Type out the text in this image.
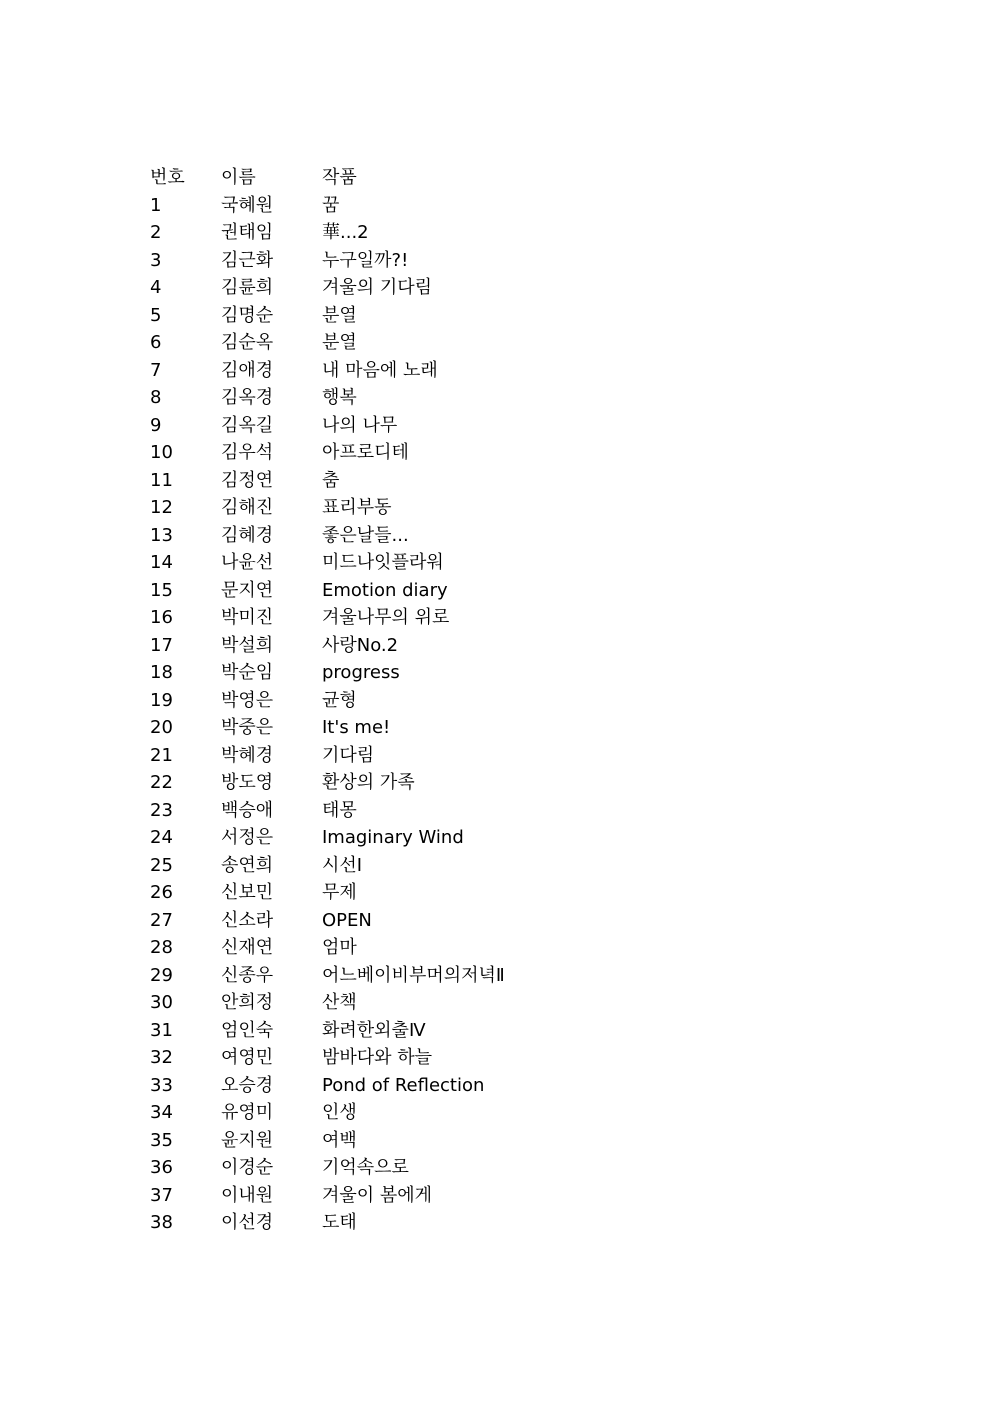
번호	이름	작품
1	국혜원	꿈
2	권태임	華...2
3	김근화	누구일까?!
4	김륜희	겨울의 기다림
5	김명순	분열
6	김순옥	분열
7	김애경	내 마음에 노래
8	김옥경	행복
9	김옥길	나의 나무
10	김우석	아프로디테
11	김정연	춤
12	김해진	표리부동
13	김혜경	좋은날들...
14	나윤선	미드나잇플라워
15	문지연	Emotion diary
16	박미진	겨울나무의 위로
17	박설희	사랑No.2
18	박순임	progress
19	박영은	균형
20	박중은	It's me!
21	박혜경	기다림
22	방도영	환상의 가족
23	백승애	태몽
24	서정은	Imaginary Wind
25	송연희	시선Ⅰ
26	신보민	무제
27	신소라	OPEN
28	신재연	엄마
29	신종우	어느베이비부머의저녁Ⅱ
30	안희정	산책
31	엄인숙	화려한외출Ⅳ
32	여영민	밤바다와 하늘
33	오승경	Pond of Reflection
34	유영미	인생
35	윤지원	여백
36	이경순	기억속으로
37	이내원	겨울이 봄에게
38	이선경	도태
